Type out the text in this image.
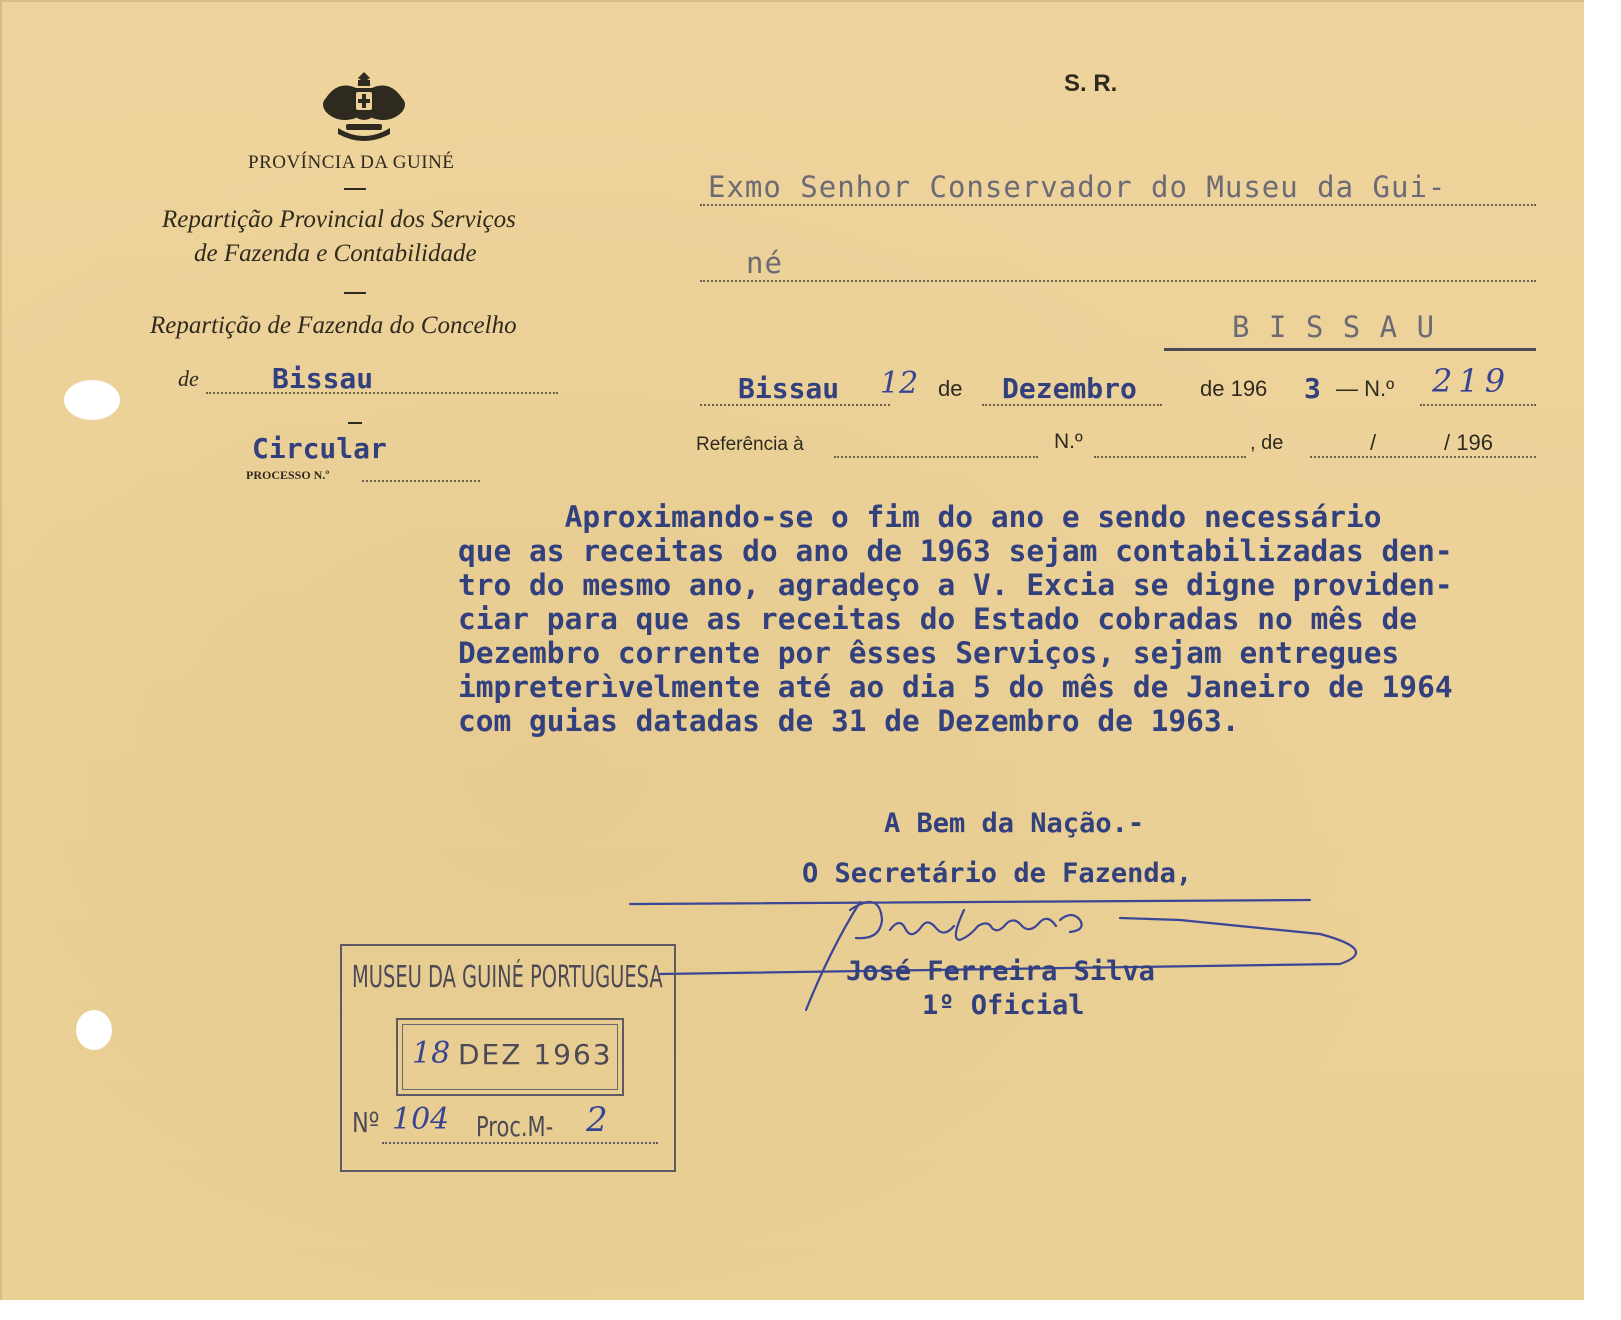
PROVÍNCIA DA GUINÉ
Repartição Provincial dos Serviços
de Fazenda e Contabilidade
Repartição de Fazenda do Concelho
de	Bissau
Circular
PROCESSO N.º
S. R.
Exmo Senhor Conservador do Museu da Gui-
né
B I S S A U
Bissau 12 de Dezembro	de 196 3 — N.º 219
Referência à	N.º	, de	/	/ 196
Aproximando-se o fim do ano e sendo necessário
que as receitas do ano de 1963 sejam contabilizadas den-
tro do mesmo ano, agradeço a V. Excia se digne providen-
ciar para que as receitas do Estado cobradas no mês de
Dezembro corrente por êsses Serviços, sejam entregues
impreterìvelmente até ao dia 5 do mês de Janeiro de 1964
com guias datadas de 31 de Dezembro de 1963.
A Bem da Nação.-
O Secretário de Fazenda,
José Ferreira Silva
1º Oficial
MUSEU DA GUINÉ PORTUGUESA
18 DEZ 1963
Nº 104 Proc.M- 2
